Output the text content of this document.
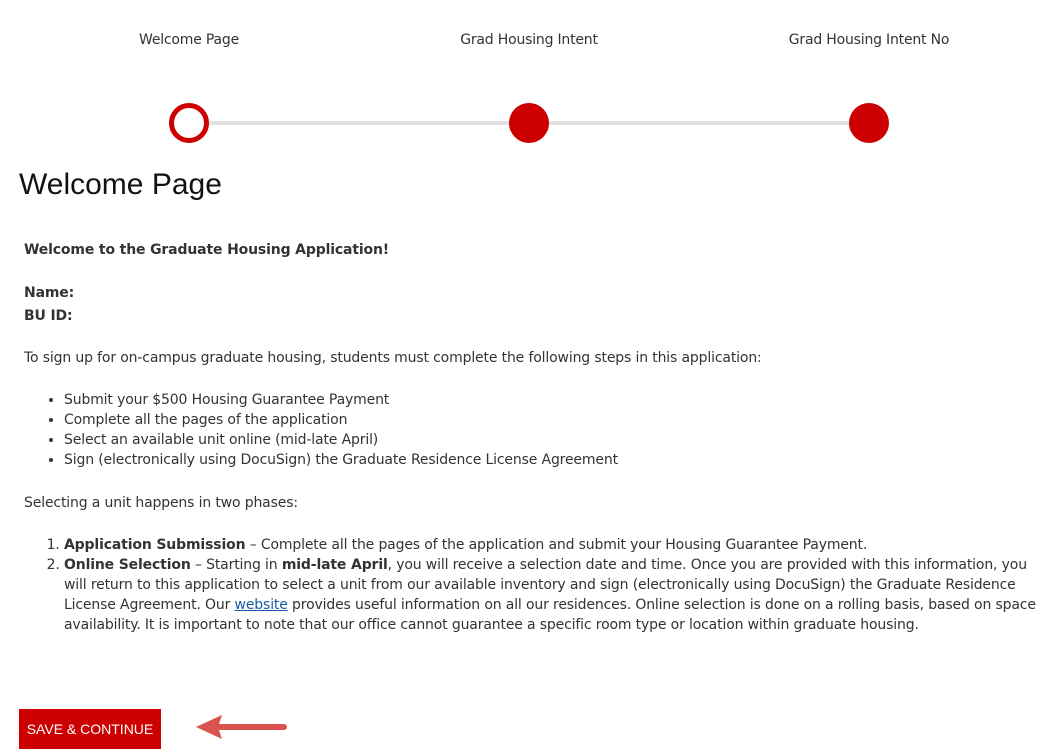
Welcome Page	Grad Housing Intent	Grad Housing Intent No
Welcome Page

Welcome to the Graduate Housing Application!

Name:

BU ID:

To sign up for on-campus graduate housing, students must complete the following steps in this application:

• Submit your $500 Housing Guarantee Payment
• Complete all the pages of the application
• Select an available unit online (mid-late April)
• Sign (electronically using DocuSign) the Graduate Residence License Agreement

Selecting a unit happens in two phases:

1. Application Submission – Complete all the pages of the application and submit your Housing Guarantee Payment.
2. Online Selection – Starting in mid-late April, you will receive a selection date and time. Once you are provided with this information, you will return to this application to select a unit from our available inventory and sign (electronically using DocuSign) the Graduate Residence License Agreement. Our website provides useful information on all our residences. Online selection is done on a rolling basis, based on space availability. It is important to note that our office cannot guarantee a specific room type or location within graduate housing.
SAVE & CONTINUE
